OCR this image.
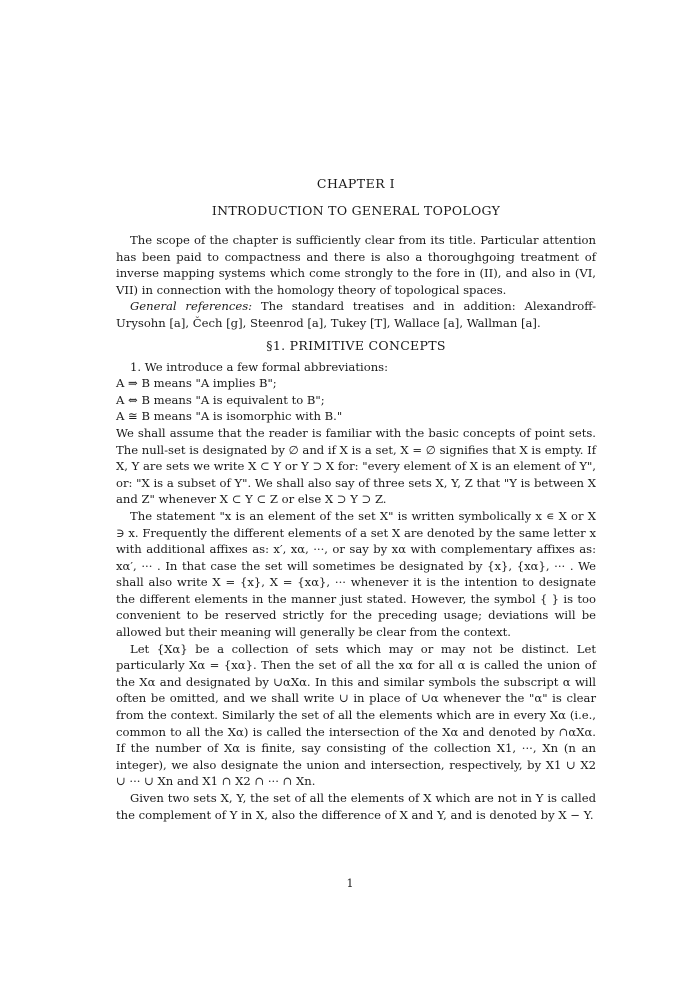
CHAPTER I
INTRODUCTION TO GENERAL TOPOLOGY

The scope of the chapter is sufficiently clear from its title. Particular attention has been paid to compactness and there is also a thoroughgoing treatment of inverse mapping systems which come strongly to the fore in (II), and also in (VI, VII) in connection with the homology theory of topological spaces.

General references: The standard treatises and in addition: Alexandroff-Urysohn [a], Čech [g], Steenrod [a], Tukey [T], Wallace [a], Wallman [a].

§1. PRIMITIVE CONCEPTS

1. We introduce a few formal abbreviations:

A ⇒ B means "A implies B";

A ⇔ B means "A is equivalent to B";

A ≅ B means "A is isomorphic with B."

We shall assume that the reader is familiar with the basic concepts of point sets. The null-set is designated by ∅ and if X is a set, X = ∅ signifies that X is empty. If X, Y are sets we write X ⊂ Y or Y ⊃ X for: "every element of X is an element of Y", or: "X is a subset of Y". We shall also say of three sets X, Y, Z that "Y is between X and Z" whenever X ⊂ Y ⊂ Z or else X ⊃ Y ⊃ Z.

The statement "x is an element of the set X" is written symbolically x ∊ X or X ∋ x. Frequently the different elements of a set X are denoted by the same letter x with additional affixes as: x′, xα, ···, or say by xα with complementary affixes as: xα′, ··· . In that case the set will sometimes be designated by {x}, {xα}, ··· . We shall also write X = {x}, X = {xα}, ··· whenever it is the intention to designate the different elements in the manner just stated. However, the symbol { } is too convenient to be reserved strictly for the preceding usage; deviations will be allowed but their meaning will generally be clear from the context.

Let {Xα} be a collection of sets which may or may not be distinct. Let particularly Xα = {xα}. Then the set of all the xα for all α is called the union of the Xα and designated by ∪αXα. In this and similar symbols the subscript α will often be omitted, and we shall write ∪ in place of ∪α whenever the "α" is clear from the context. Similarly the set of all the elements which are in every Xα (i.e., common to all the Xα) is called the intersection of the Xα and denoted by ∩αXα. If the number of Xα is finite, say consisting of the collection X1, ···, Xn (n an integer), we also designate the union and intersection, respectively, by X1 ∪ X2 ∪ ··· ∪ Xn and X1 ∩ X2 ∩ ··· ∩ Xn.

Given two sets X, Y, the set of all the elements of X which are not in Y is called the complement of Y in X, also the difference of X and Y, and is denoted by X − Y.

1
